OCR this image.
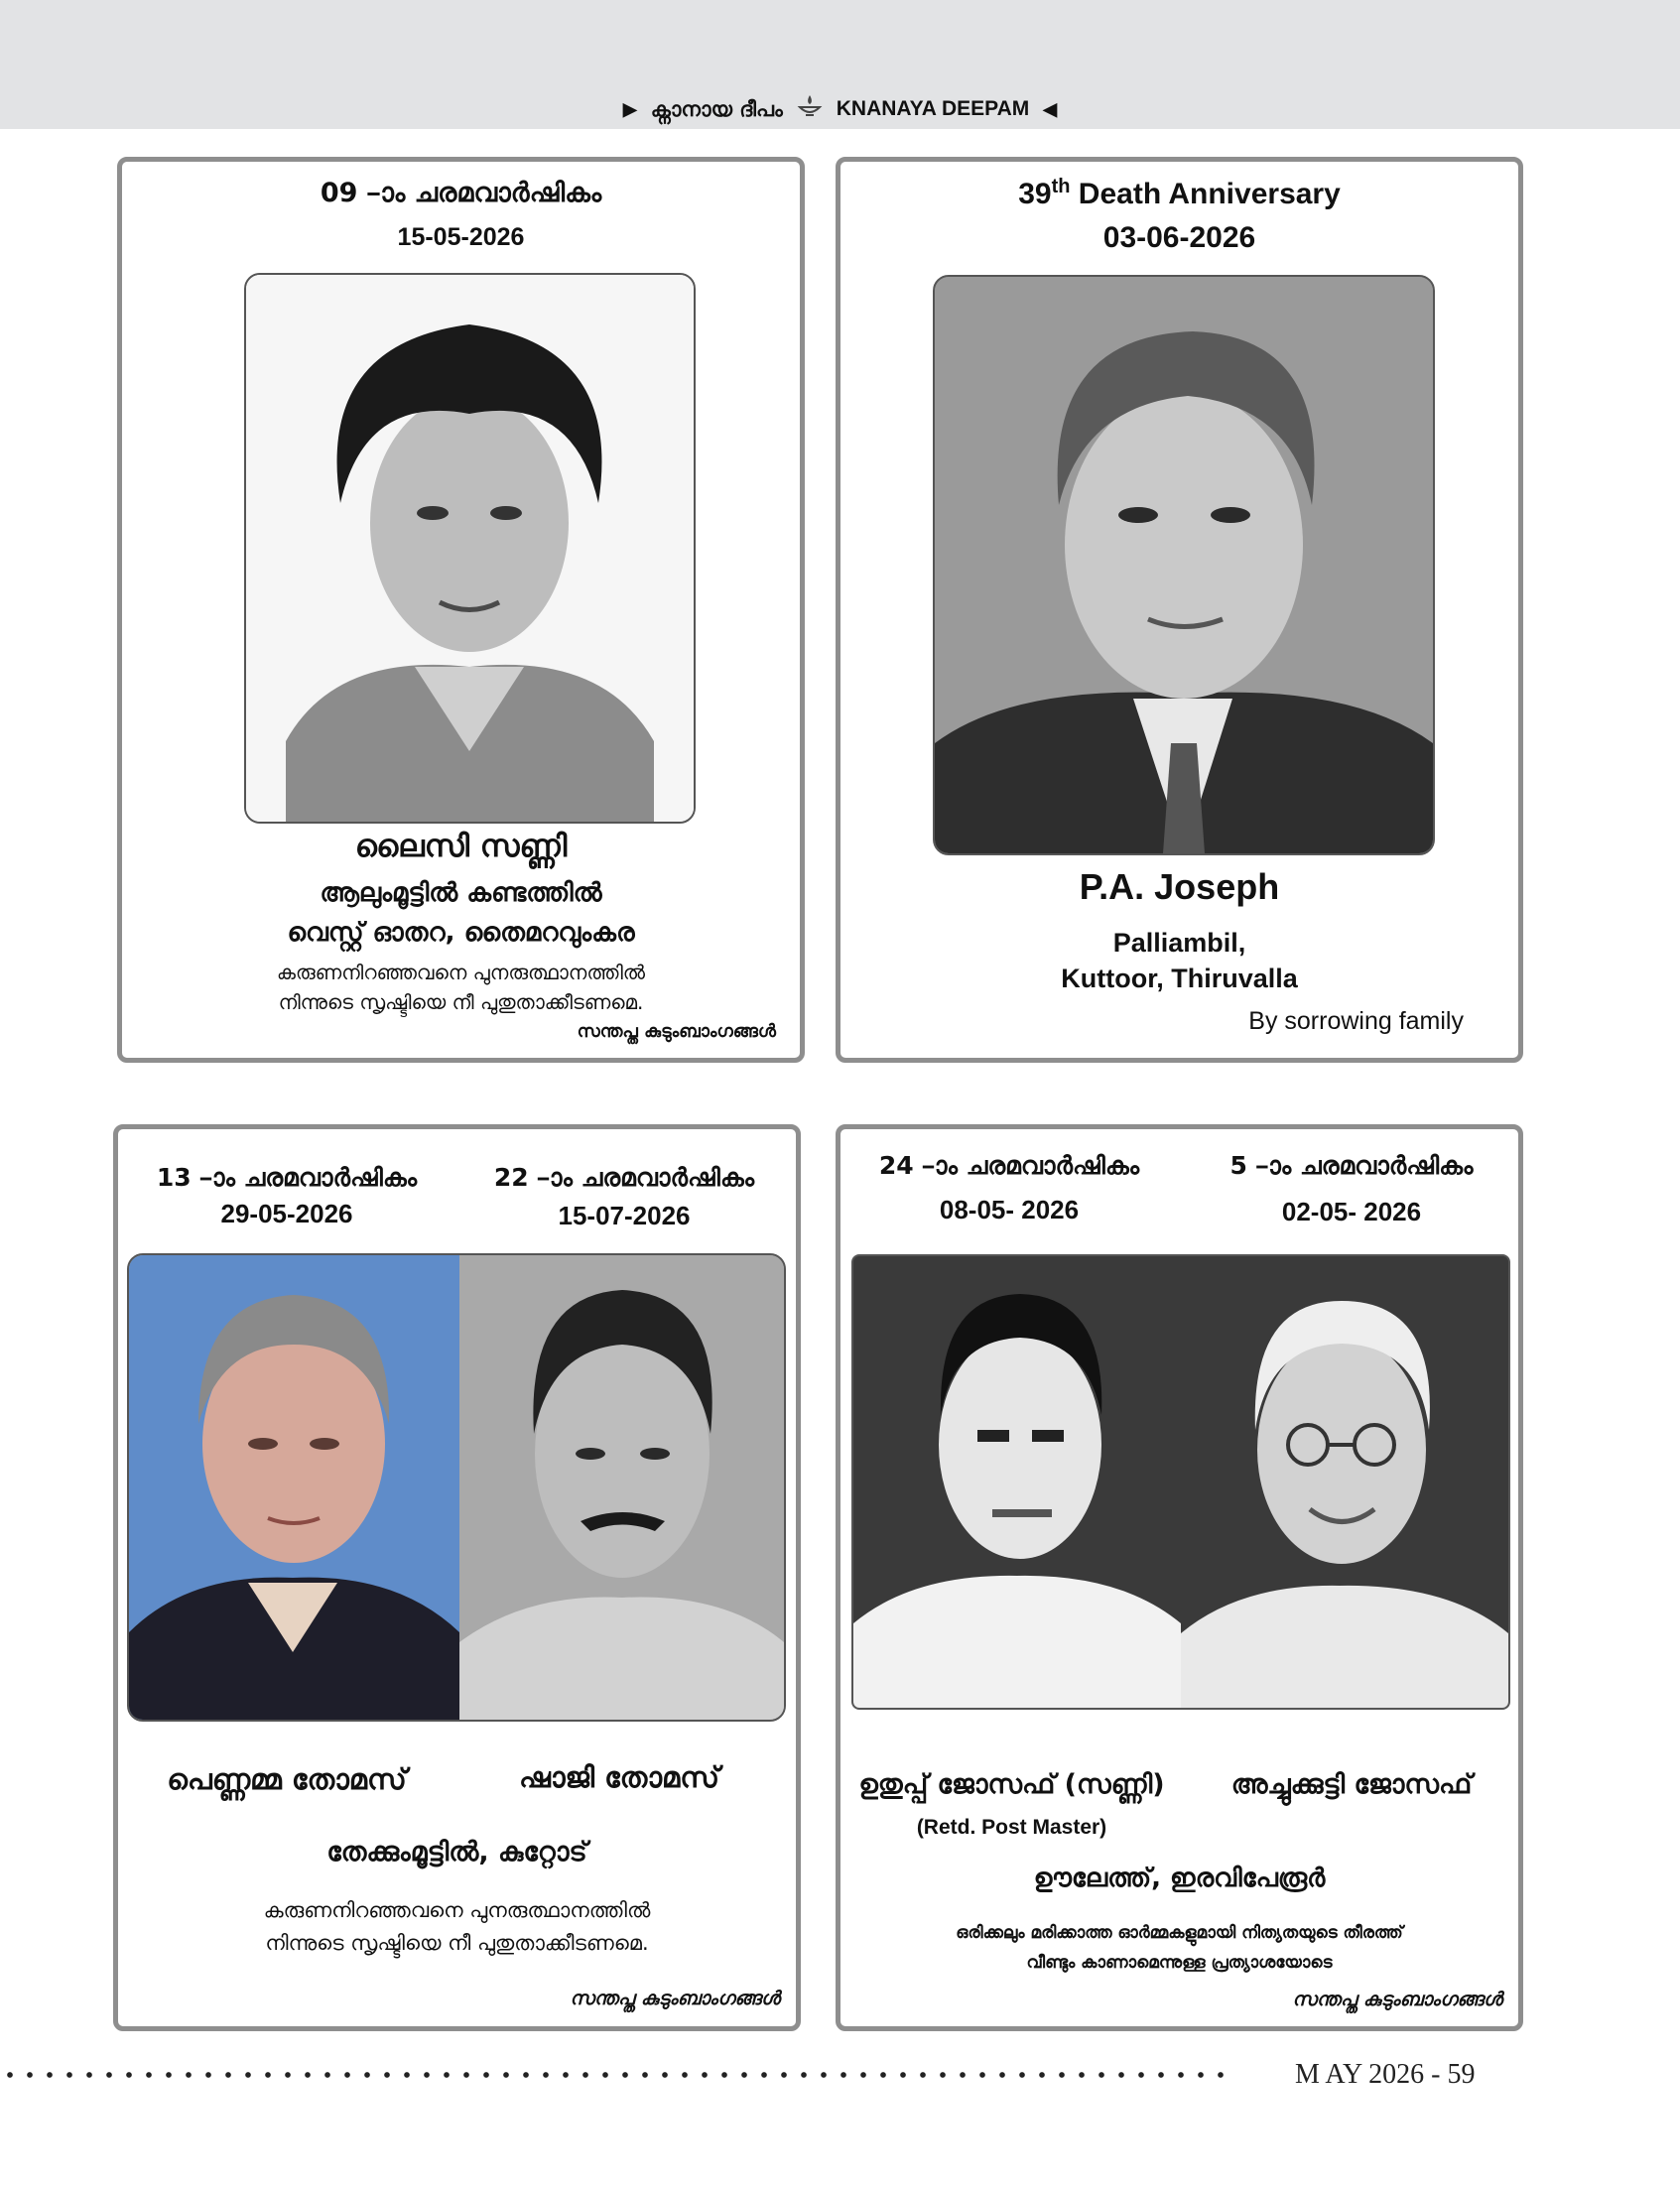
▶ ക്നാനായ ദീപം	KNANAYA DEEPAM ◀
09 –ാം ചരമവാർഷികം
15-05-2026
ലൈസി സണ്ണി
ആലുംമൂട്ടിൽ കണ്ടത്തിൽ
വെസ്റ്റ് ഓതറ, തൈമറവുംകര
കരുണനിറഞ്ഞവനെ പുനരുത്ഥാനത്തിൽ
നിന്നുടെ സൃഷ്ടിയെ നീ പുതുതാക്കീടണമെ.
സന്തപ്ത കുടുംബാംഗങ്ങൾ
39th Death Anniversary
03-06-2026
P.A. Joseph
Palliambil,
Kuttoor, Thiruvalla
By sorrowing family
13 –ാം ചരമവാർഷികം
29-05-2026
22 –ാം ചരമവാർഷികം
15-07-2026
പെണ്ണമ്മ തോമസ്	ഷാജി തോമസ്
തേക്കുംമൂട്ടിൽ, കുറ്റോട്
കരുണനിറഞ്ഞവനെ പുനരുത്ഥാനത്തിൽ
നിന്നുടെ സൃഷ്ടിയെ നീ പുതുതാക്കീടണമെ.
സന്തപ്ത കുടുംബാംഗങ്ങൾ
24 –ാം ചരമവാർഷികം
08-05- 2026
5 –ാം ചരമവാർഷികം
02-05- 2026
ഉതുപ്പ് ജോസഫ് (സണ്ണി)
(Retd. Post Master)
അച്ചുക്കുട്ടി ജോസഫ്
ഊലേത്ത്, ഇരവിപേരൂർ
ഒരിക്കലും മരിക്കാത്ത ഓർമ്മകളുമായി നിത്യതയുടെ തീരത്ത്
വീണ്ടും കാണാമെന്നുള്ള പ്രത്യാശയോടെ
സന്തപ്ത കുടുംബാംഗങ്ങൾ
M AY 2026 - 59
